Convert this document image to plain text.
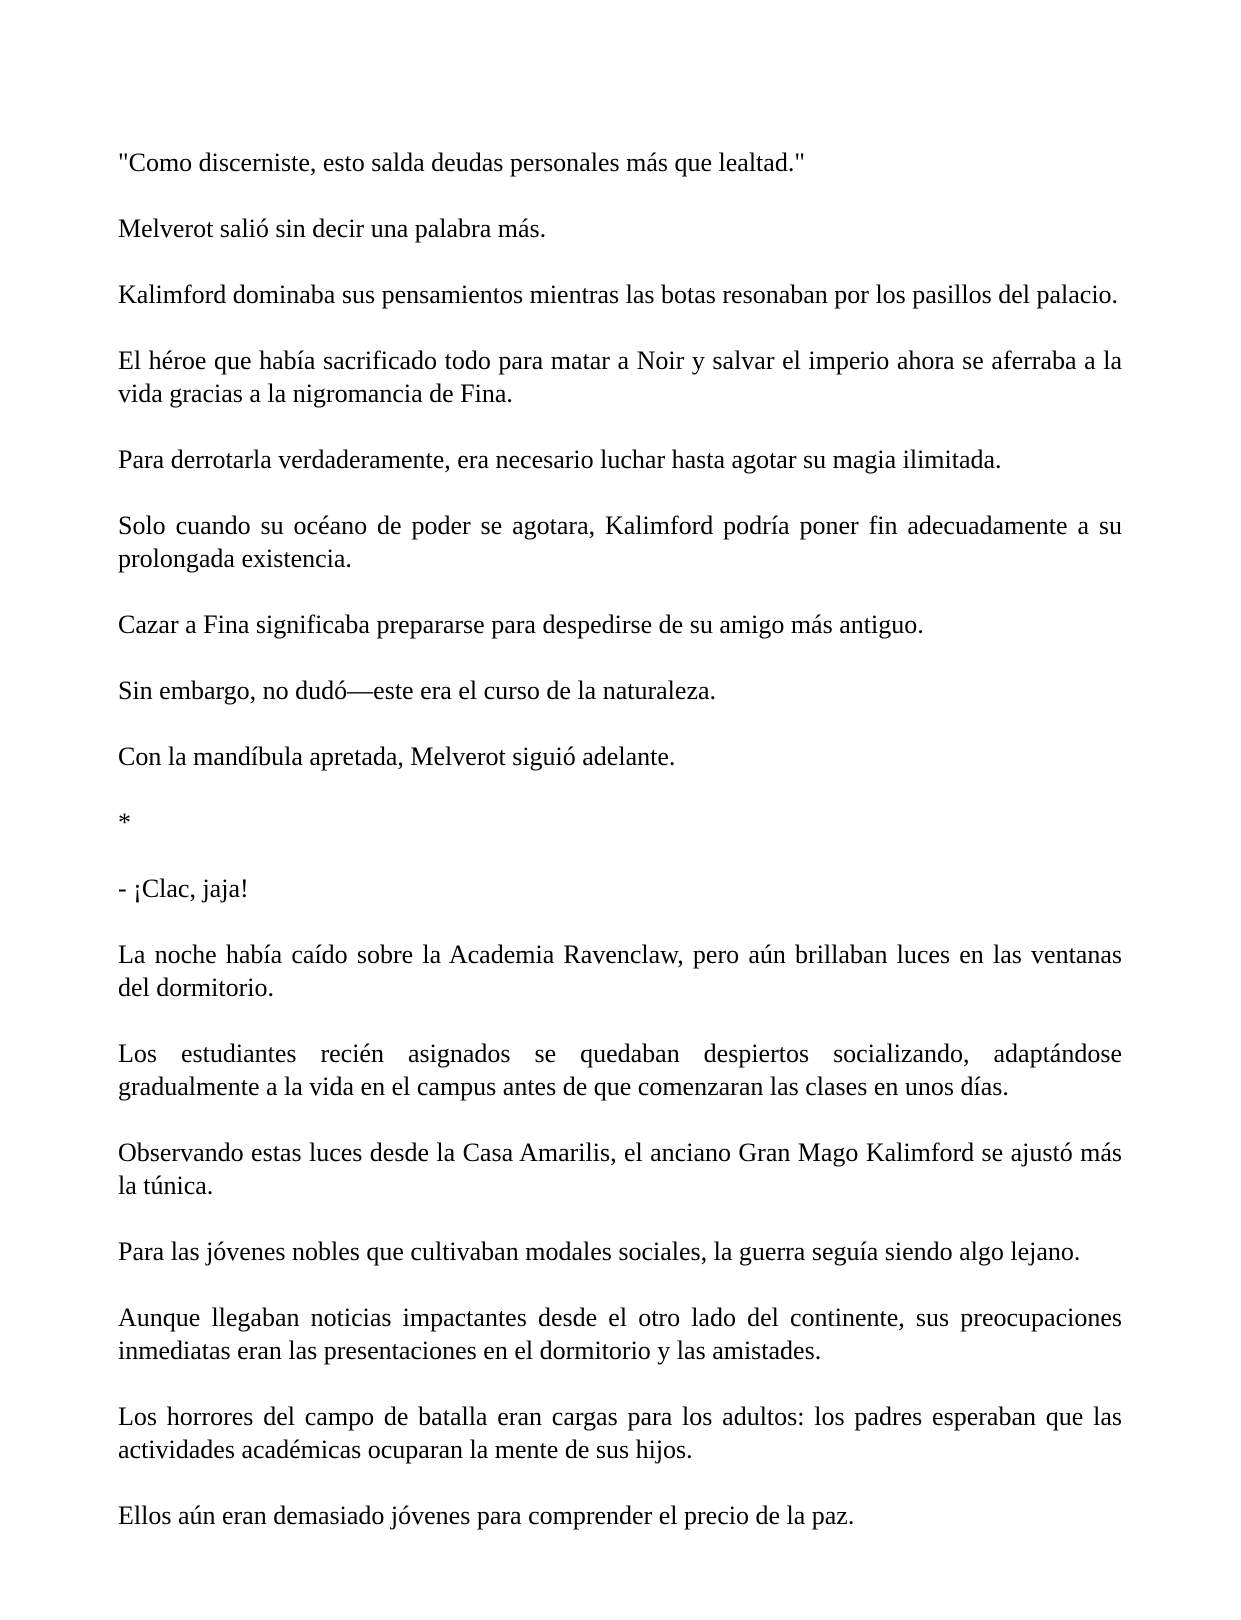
"Como discerniste, esto salda deudas personales más que lealtad."

Melverot salió sin decir una palabra más.

Kalimford dominaba sus pensamientos mientras las botas resonaban por los pasillos del palacio.

El héroe que había sacrificado todo para matar a Noir y salvar el imperio ahora se aferraba a la vida gracias a la nigromancia de Fina.

Para derrotarla verdaderamente, era necesario luchar hasta agotar su magia ilimitada.

Solo cuando su océano de poder se agotara, Kalimford podría poner fin adecuadamente a su prolongada existencia.

Cazar a Fina significaba prepararse para despedirse de su amigo más antiguo.

Sin embargo, no dudó—este era el curso de la naturaleza.

Con la mandíbula apretada, Melverot siguió adelante.

*

- ¡Clac, jaja!

La noche había caído sobre la Academia Ravenclaw, pero aún brillaban luces en las ventanas del dormitorio.

Los estudiantes recién asignados se quedaban despiertos socializando, adaptándose gradualmente a la vida en el campus antes de que comenzaran las clases en unos días.

Observando estas luces desde la Casa Amarilis, el anciano Gran Mago Kalimford se ajustó más la túnica.

Para las jóvenes nobles que cultivaban modales sociales, la guerra seguía siendo algo lejano.

Aunque llegaban noticias impactantes desde el otro lado del continente, sus preocupaciones inmediatas eran las presentaciones en el dormitorio y las amistades.

Los horrores del campo de batalla eran cargas para los adultos: los padres esperaban que las actividades académicas ocuparan la mente de sus hijos.

Ellos aún eran demasiado jóvenes para comprender el precio de la paz.
